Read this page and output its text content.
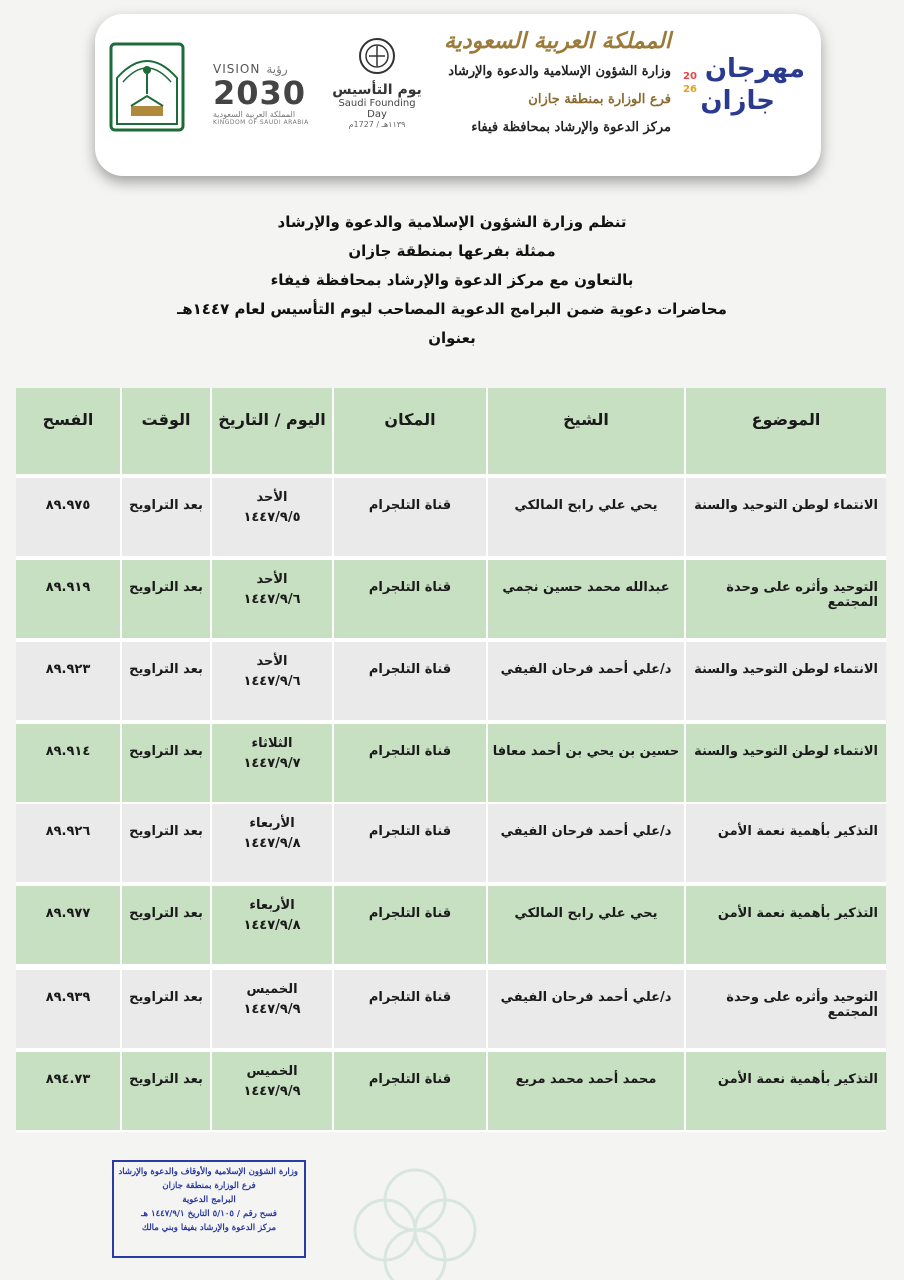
VISION رؤية
2030
المملكة العربية السعودية
KINGDOM OF SAUDI ARABIA
يوم التأسيس
Saudi Founding Day
١١٣٩هـ / 1727م
المملكة العربية السعودية
وزارة الشؤون الإسلامية والدعوة والإرشاد
فرع الوزارة بمنطقة جازان
مركز الدعوة والإرشاد بمحافظة فيفاء
مهرجان
جازان
20
26
تنظم وزارة الشؤون الإسلامية والدعوة والإرشاد
ممثلة بفرعها بمنطقة جازان
بالتعاون مع مركز الدعوة والإرشاد بمحافظة فيفاء
محاضرات دعوية ضمن البرامج الدعوية المصاحب ليوم التأسيس لعام ١٤٤٧هـ
بعنوان
الموضوع
الشيخ
المكان
اليوم / التاريخ
الوقت
الفسح
الانتماء لوطن التوحيد والسنة
يحي علي رابح المالكي
قناة التلجرام
الأحد
١٤٤٧/٩/٥
بعد التراويح
٨٩.٩٧٥
التوحيد وأثره على وحدة المجتمع
عبدالله محمد حسين نجمي
قناة التلجرام
الأحد
١٤٤٧/٩/٦
بعد التراويح
٨٩.٩١٩
الانتماء لوطن التوحيد والسنة
د/علي أحمد فرحان الفيفي
قناة التلجرام
الأحد
١٤٤٧/٩/٦
بعد التراويح
٨٩.٩٢٣
الانتماء لوطن التوحيد والسنة
حسين بن يحي بن أحمد معافا
قناة التلجرام
الثلاثاء
١٤٤٧/٩/٧
بعد التراويح
٨٩.٩١٤
التذكير بأهمية نعمة الأمن
د/علي أحمد فرحان الفيفي
قناة التلجرام
الأربعاء
١٤٤٧/٩/٨
بعد التراويح
٨٩.٩٢٦
التذكير بأهمية نعمة الأمن
يحي علي رابح المالكي
قناة التلجرام
الأربعاء
١٤٤٧/٩/٨
بعد التراويح
٨٩.٩٧٧
التوحيد وأثره على وحدة المجتمع
د/علي أحمد فرحان الفيفي
قناة التلجرام
الخميس
١٤٤٧/٩/٩
بعد التراويح
٨٩.٩٣٩
التذكير بأهمية نعمة الأمن
محمد أحمد محمد مريع
قناة التلجرام
الخميس
١٤٤٧/٩/٩
بعد التراويح
٨٩٤.٧٣
وزارة الشؤون الإسلامية والأوقاف والدعوة والإرشاد
فرع الوزارة بمنطقة جازان
البرامج الدعوية
فسح رقم / ٥/١٠٥ التاريخ ١٤٤٧/٩/١ هـ
مركز الدعوة والإرشاد بفيفا وبني مالك
